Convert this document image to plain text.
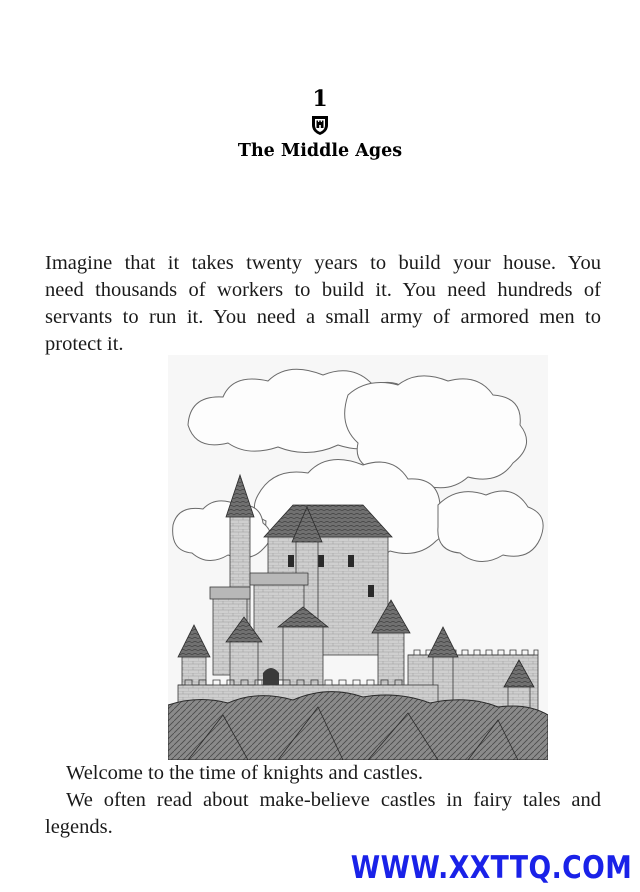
1
The Middle Ages

Imagine that it takes twenty years to build your house. You
need thousands of workers to build it. You need hundreds of
servants to run it. You need a small army of armored men to
protect it.

Welcome to the time of knights and castles.

We often read about make-believe castles in fairy tales and
legends.

WWW.XXTTQ.COM
